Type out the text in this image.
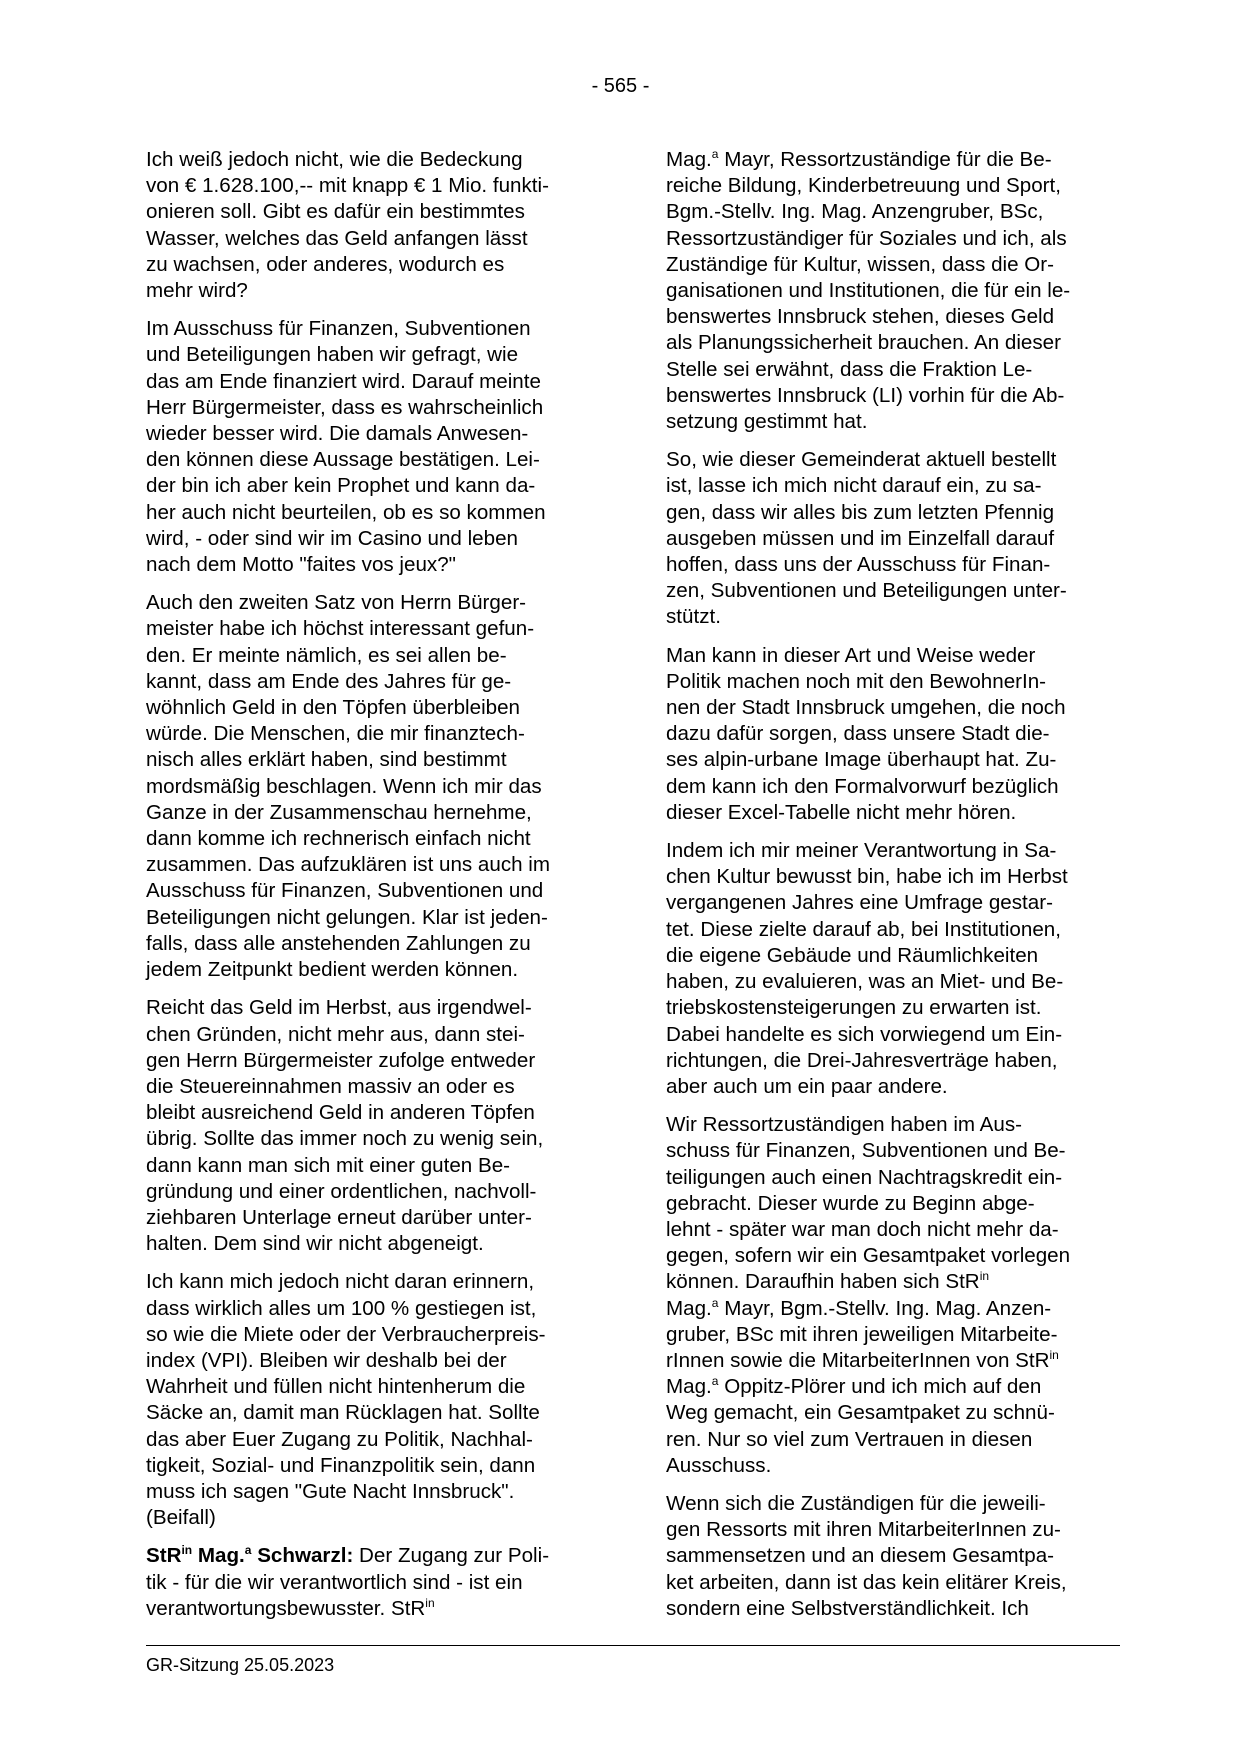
- 565 -

Ich weiß jedoch nicht, wie die Bedeckung
von € 1.628.100,-- mit knapp € 1 Mio. funkti-
onieren soll. Gibt es dafür ein bestimmtes
Wasser, welches das Geld anfangen lässt
zu wachsen, oder anderes, wodurch es
mehr wird?

Im Ausschuss für Finanzen, Subventionen
und Beteiligungen haben wir gefragt, wie
das am Ende finanziert wird. Darauf meinte
Herr Bürgermeister, dass es wahrscheinlich
wieder besser wird. Die damals Anwesen-
den können diese Aussage bestätigen. Lei-
der bin ich aber kein Prophet und kann da-
her auch nicht beurteilen, ob es so kommen
wird, - oder sind wir im Casino und leben
nach dem Motto "faites vos jeux?"

Auch den zweiten Satz von Herrn Bürger-
meister habe ich höchst interessant gefun-
den. Er meinte nämlich, es sei allen be-
kannt, dass am Ende des Jahres für ge-
wöhnlich Geld in den Töpfen überbleiben
würde. Die Menschen, die mir finanztech-
nisch alles erklärt haben, sind bestimmt
mordsmäßig beschlagen. Wenn ich mir das
Ganze in der Zusammenschau hernehme,
dann komme ich rechnerisch einfach nicht
zusammen. Das aufzuklären ist uns auch im
Ausschuss für Finanzen, Subventionen und
Beteiligungen nicht gelungen. Klar ist jeden-
falls, dass alle anstehenden Zahlungen zu
jedem Zeitpunkt bedient werden können.

Reicht das Geld im Herbst, aus irgendwel-
chen Gründen, nicht mehr aus, dann stei-
gen Herrn Bürgermeister zufolge entweder
die Steuereinnahmen massiv an oder es
bleibt ausreichend Geld in anderen Töpfen
übrig. Sollte das immer noch zu wenig sein,
dann kann man sich mit einer guten Be-
gründung und einer ordentlichen, nachvoll-
ziehbaren Unterlage erneut darüber unter-
halten. Dem sind wir nicht abgeneigt.

Ich kann mich jedoch nicht daran erinnern,
dass wirklich alles um 100 % gestiegen ist,
so wie die Miete oder der Verbraucherpreis-
index (VPI). Bleiben wir deshalb bei der
Wahrheit und füllen nicht hintenherum die
Säcke an, damit man Rücklagen hat. Sollte
das aber Euer Zugang zu Politik, Nachhal-
tigkeit, Sozial- und Finanzpolitik sein, dann
muss ich sagen "Gute Nacht Innsbruck".
(Beifall)

StR$^{in}$ Mag.$^a$ Schwarzl: Der Zugang zur Poli-
tik - für die wir verantwortlich sind - ist ein
verantwortungsbewusster. StR$^{in}$

Mag.$^a$ Mayr, Ressortzuständige für die Be-
reiche Bildung, Kinderbetreuung und Sport,
Bgm.-Stellv. Ing. Mag. Anzengruber, BSc,
Ressortzuständiger für Soziales und ich, als
Zuständige für Kultur, wissen, dass die Or-
ganisationen und Institutionen, die für ein le-
benswertes Innsbruck stehen, dieses Geld
als Planungssicherheit brauchen. An dieser
Stelle sei erwähnt, dass die Fraktion Le-
benswertes Innsbruck (LI) vorhin für die Ab-
setzung gestimmt hat.

So, wie dieser Gemeinderat aktuell bestellt
ist, lasse ich mich nicht darauf ein, zu sa-
gen, dass wir alles bis zum letzten Pfennig
ausgeben müssen und im Einzelfall darauf
hoffen, dass uns der Ausschuss für Finan-
zen, Subventionen und Beteiligungen unter-
stützt.

Man kann in dieser Art und Weise weder
Politik machen noch mit den BewohnerIn-
nen der Stadt Innsbruck umgehen, die noch
dazu dafür sorgen, dass unsere Stadt die-
ses alpin-urbane Image überhaupt hat. Zu-
dem kann ich den Formalvorwurf bezüglich
dieser Excel-Tabelle nicht mehr hören.

Indem ich mir meiner Verantwortung in Sa-
chen Kultur bewusst bin, habe ich im Herbst
vergangenen Jahres eine Umfrage gestar-
tet. Diese zielte darauf ab, bei Institutionen,
die eigene Gebäude und Räumlichkeiten
haben, zu evaluieren, was an Miet- und Be-
triebskostensteigerungen zu erwarten ist.
Dabei handelte es sich vorwiegend um Ein-
richtungen, die Drei-Jahresverträge haben,
aber auch um ein paar andere.

Wir Ressortzuständigen haben im Aus-
schuss für Finanzen, Subventionen und Be-
teiligungen auch einen Nachtragskredit ein-
gebracht. Dieser wurde zu Beginn abge-
lehnt - später war man doch nicht mehr da-
gegen, sofern wir ein Gesamtpaket vorlegen
können. Daraufhin haben sich StR$^{in}$
Mag.$^a$ Mayr, Bgm.-Stellv. Ing. Mag. Anzen-
gruber, BSc mit ihren jeweiligen Mitarbeite-
rInnen sowie die MitarbeiterInnen von StR$^{in}$
Mag.$^a$ Oppitz-Plörer und ich mich auf den
Weg gemacht, ein Gesamtpaket zu schnü-
ren. Nur so viel zum Vertrauen in diesen
Ausschuss.

Wenn sich die Zuständigen für die jeweili-
gen Ressorts mit ihren MitarbeiterInnen zu-
sammensetzen und an diesem Gesamtpa-
ket arbeiten, dann ist das kein elitärer Kreis,
sondern eine Selbstverständlichkeit. Ich

GR-Sitzung 25.05.2023
